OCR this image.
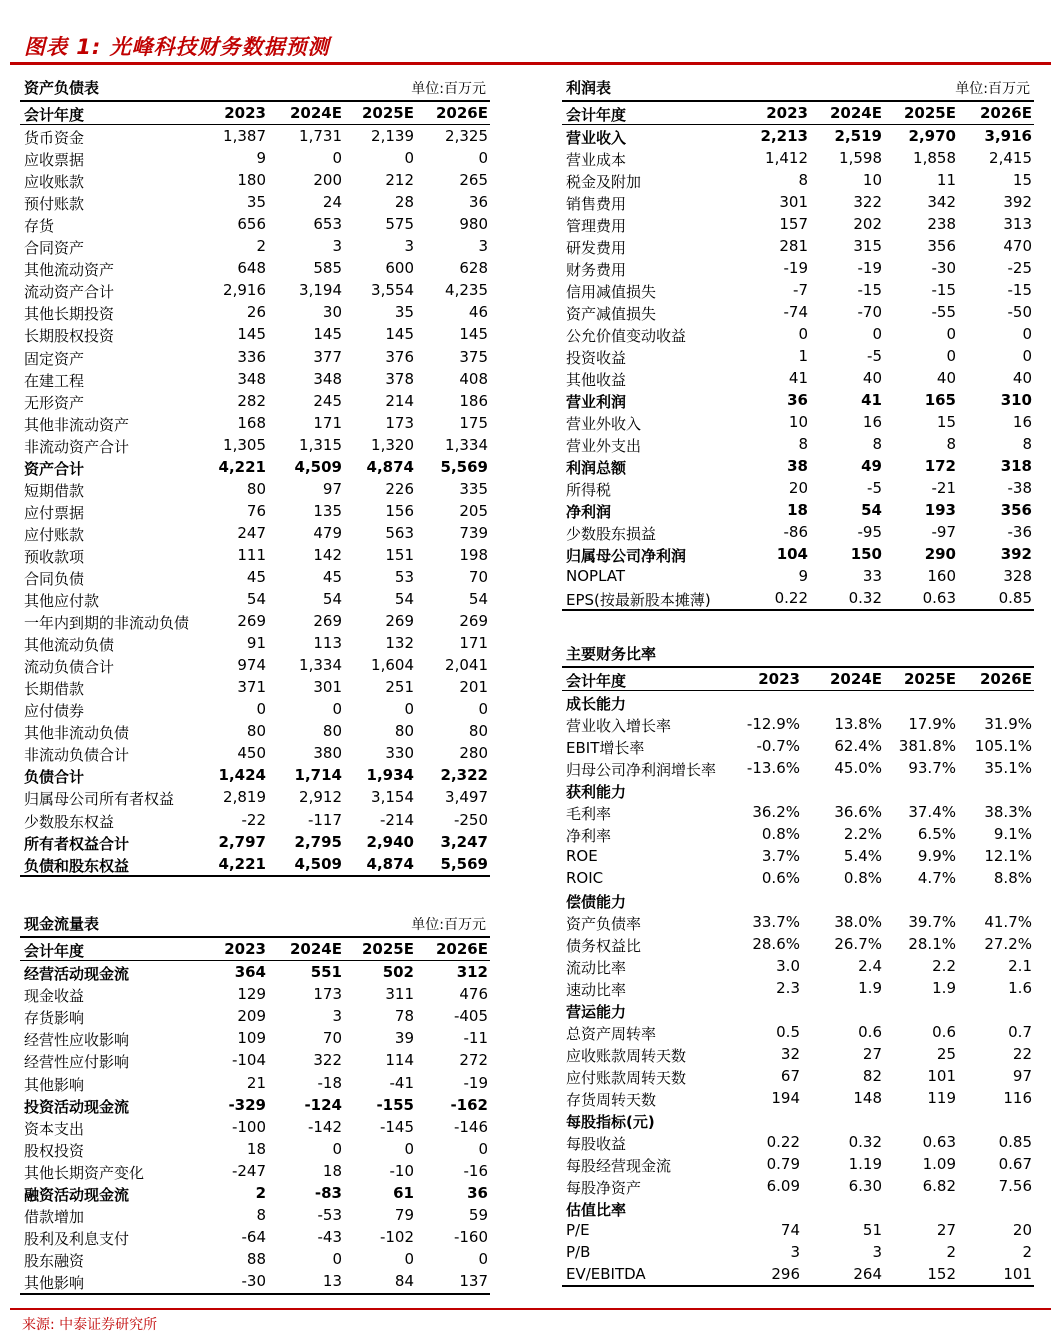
图表 1: 光峰科技财务数据预测
资产负债表	单位:百万元
会计年度	2023	2024E	2025E	2026E
货币资金	1,387	1,731	2,139	2,325
应收票据	9	0	0	0
应收账款	180	200	212	265
预付账款	35	24	28	36
存货	656	653	575	980
合同资产	2	3	3	3
其他流动资产	648	585	600	628
流动资产合计	2,916	3,194	3,554	4,235
其他长期投资	26	30	35	46
长期股权投资	145	145	145	145
固定资产	336	377	376	375
在建工程	348	348	378	408
无形资产	282	245	214	186
其他非流动资产	168	171	173	175
非流动资产合计	1,305	1,315	1,320	1,334
资产合计	4,221	4,509	4,874	5,569
短期借款	80	97	226	335
应付票据	76	135	156	205
应付账款	247	479	563	739
预收款项	111	142	151	198
合同负债	45	45	53	70
其他应付款	54	54	54	54
一年内到期的非流动负债	269	269	269	269
其他流动负债	91	113	132	171
流动负债合计	974	1,334	1,604	2,041
长期借款	371	301	251	201
应付债券	0	0	0	0
其他非流动负债	80	80	80	80
非流动负债合计	450	380	330	280
负债合计	1,424	1,714	1,934	2,322
归属母公司所有者权益	2,819	2,912	3,154	3,497
少数股东权益	-22	-117	-214	-250
所有者权益合计	2,797	2,795	2,940	3,247
负债和股东权益	4,221	4,509	4,874	5,569
现金流量表	单位:百万元
会计年度	2023	2024E	2025E	2026E
经营活动现金流	364	551	502	312
现金收益	129	173	311	476
存货影响	209	3	78	-405
经营性应收影响	109	70	39	-11
经营性应付影响	-104	322	114	272
其他影响	21	-18	-41	-19
投资活动现金流	-329	-124	-155	-162
资本支出	-100	-142	-145	-146
股权投资	18	0	0	0
其他长期资产变化	-247	18	-10	-16
融资活动现金流	2	-83	61	36
借款增加	8	-53	79	59
股利及利息支付	-64	-43	-102	-160
股东融资	88	0	0	0
其他影响	-30	13	84	137
利润表	单位:百万元
会计年度	2023	2024E	2025E	2026E
营业收入	2,213	2,519	2,970	3,916
营业成本	1,412	1,598	1,858	2,415
税金及附加	8	10	11	15
销售费用	301	322	342	392
管理费用	157	202	238	313
研发费用	281	315	356	470
财务费用	-19	-19	-30	-25
信用减值损失	-7	-15	-15	-15
资产减值损失	-74	-70	-55	-50
公允价值变动收益	0	0	0	0
投资收益	1	-5	0	0
其他收益	41	40	40	40
营业利润	36	41	165	310
营业外收入	10	16	15	16
营业外支出	8	8	8	8
利润总额	38	49	172	318
所得税	20	-5	-21	-38
净利润	18	54	193	356
少数股东损益	-86	-95	-97	-36
归属母公司净利润	104	150	290	392
NOPLAT	9	33	160	328
EPS(按最新股本摊薄)	0.22	0.32	0.63	0.85
主要财务比率
会计年度	2023	2024E	2025E	2026E
成长能力
营业收入增长率	-12.9%	13.8%	17.9%	31.9%
EBIT增长率	-0.7%	62.4%	381.8%	105.1%
归母公司净利润增长率	-13.6%	45.0%	93.7%	35.1%
获利能力
毛利率	36.2%	36.6%	37.4%	38.3%
净利率	0.8%	2.2%	6.5%	9.1%
ROE	3.7%	5.4%	9.9%	12.1%
ROIC	0.6%	0.8%	4.7%	8.8%
偿债能力
资产负债率	33.7%	38.0%	39.7%	41.7%
债务权益比	28.6%	26.7%	28.1%	27.2%
流动比率	3.0	2.4	2.2	2.1
速动比率	2.3	1.9	1.9	1.6
营运能力
总资产周转率	0.5	0.6	0.6	0.7
应收账款周转天数	32	27	25	22
应付账款周转天数	67	82	101	97
存货周转天数	194	148	119	116
每股指标(元)
每股收益	0.22	0.32	0.63	0.85
每股经营现金流	0.79	1.19	1.09	0.67
每股净资产	6.09	6.30	6.82	7.56
估值比率
P/E	74	51	27	20
P/B	3	3	2	2
EV/EBITDA	296	264	152	101
来源: 中泰证券研究所
